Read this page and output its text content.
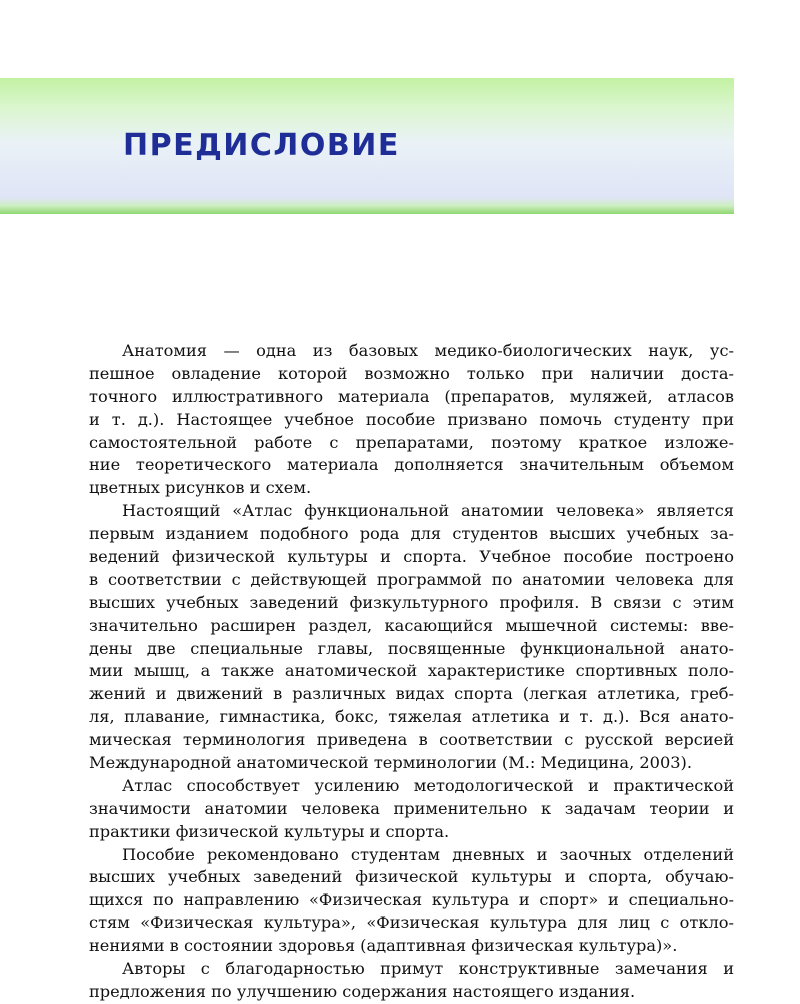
ПРЕДИСЛОВИЕ
Анатомия — одна из базовых медико-биологических наук, ус-
пешное овладение которой возможно только при наличии доста-
точного иллюстративного материала (препаратов, муляжей, атласов
и т. д.). Настоящее учебное пособие призвано помочь студенту при
самостоятельной работе с препаратами, поэтому краткое изложе-
ние теоретического материала дополняется значительным объемом
цветных рисунков и схем.
Настоящий «Атлас функциональной анатомии человека» является
первым изданием подобного рода для студентов высших учебных за-
ведений физической культуры и спорта. Учебное пособие построено
в соответствии с действующей программой по анатомии человека для
высших учебных заведений физкультурного профиля. В связи с этим
значительно расширен раздел, касающийся мышечной системы: вве-
дены две специальные главы, посвященные функциональной анато-
мии мышц, а также анатомической характеристике спортивных поло-
жений и движений в различных видах спорта (легкая атлетика, греб-
ля, плавание, гимнастика, бокс, тяжелая атлетика и т. д.). Вся анато-
мическая терминология приведена в соответствии с русской версией
Международной анатомической терминологии (М.: Медицина, 2003).
Атлас способствует усилению методологической и практической
значимости анатомии человека применительно к задачам теории и
практики физической культуры и спорта.
Пособие рекомендовано студентам дневных и заочных отделений
высших учебных заведений физической культуры и спорта, обучаю-
щихся по направлению «Физическая культура и спорт» и специально-
стям «Физическая культура», «Физическая культура для лиц с откло-
нениями в состоянии здоровья (адаптивная физическая культура)».
Авторы с благодарностью примут конструктивные замечания и
предложения по улучшению содержания настоящего издания.
